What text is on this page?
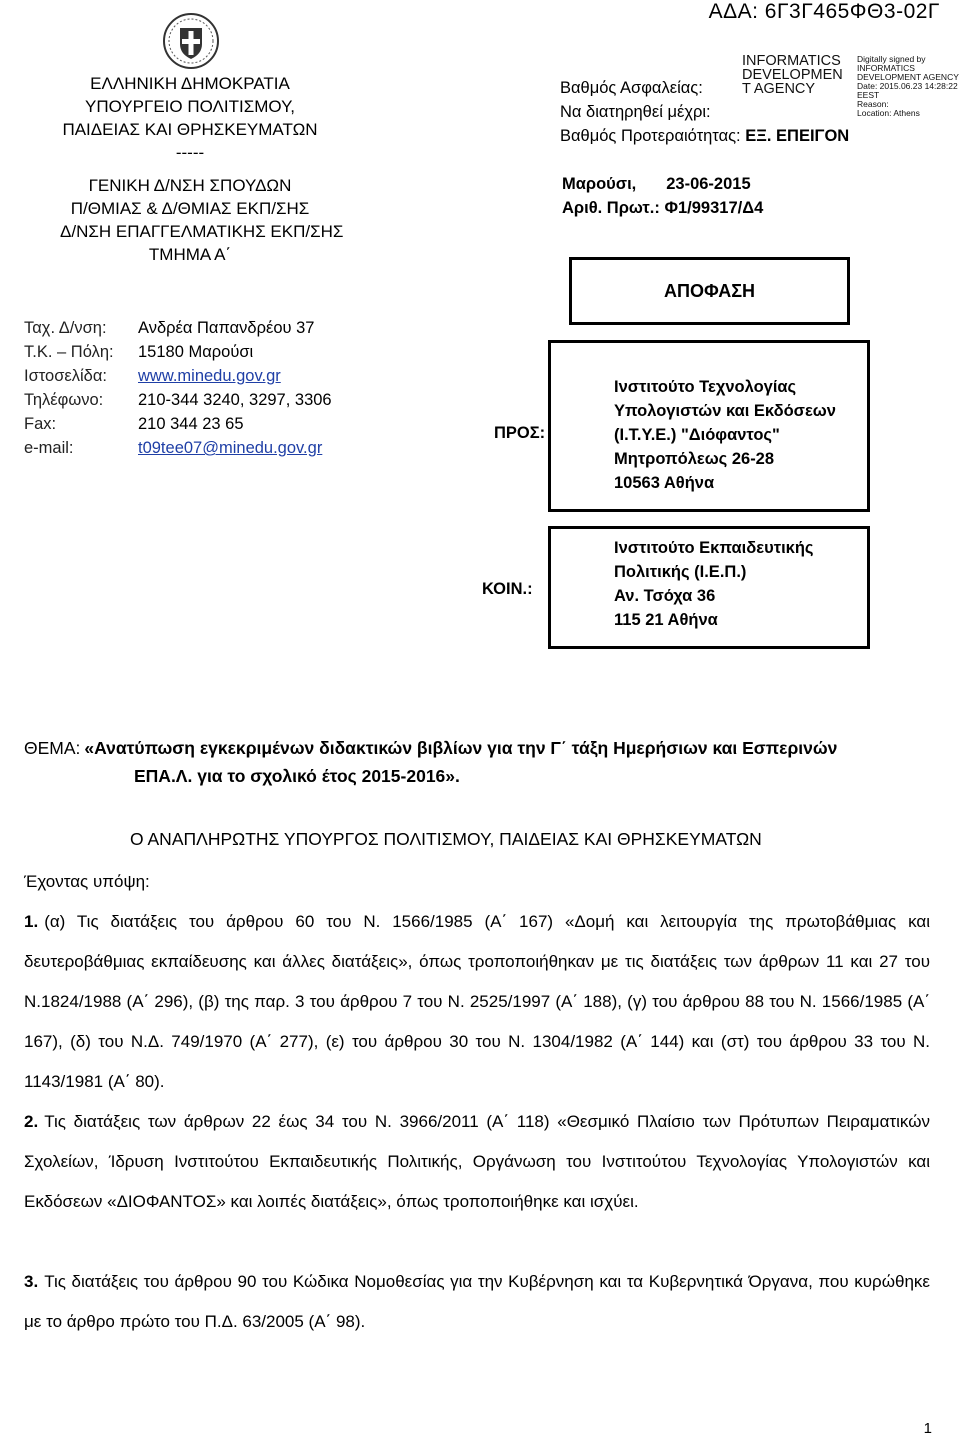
ΑΔΑ: 6Γ3Γ465ΦΘ3-02Γ
ΕΛΛΗΝΙΚΗ ΔΗΜΟΚΡΑΤΙΑ
ΥΠΟΥΡΓΕΙΟ ΠΟΛΙΤΙΣΜΟΥ,
ΠΑΙΔΕΙΑΣ ΚΑΙ ΘΡΗΣΚΕΥΜΑΤΩΝ
-----
ΓΕΝΙΚΗ Δ/ΝΣΗ ΣΠΟΥΔΩΝ
Π/ΘΜΙΑΣ & Δ/ΘΜΙΑΣ ΕΚΠ/ΣΗΣ
Δ/ΝΣΗ ΕΠΑΓΓΕΛΜΑΤΙΚΗΣ ΕΚΠ/ΣΗΣ
ΤΜΗΜΑ Α΄
Ταχ. Δ/νση:	Ανδρέα Παπανδρέου 37
Τ.Κ. – Πόλη:	15180 Μαρούσι
Ιστοσελίδα:	www.minedu.gov.gr
Τηλέφωνο:	210-344 3240, 3297, 3306
Fax:	210 344 23 65
e-mail:	t09tee07@minedu.gov.gr
INFORMATICS
DEVELOPMEN
T AGENCY
Digitally signed by
INFORMATICS
DEVELOPMENT AGENCY
Date: 2015.06.23 14:28:22
EEST
Reason:
Location: Athens
Βαθμός Ασφαλείας:
Να διατηρηθεί μέχρι:
Βαθμός Προτεραιότητας: ΕΞ. ΕΠΕΙΓΟΝ
Μαρούσι, 23-06-2015
Αριθ. Πρωτ.: Φ1/99317/Δ4
ΑΠΟΦΑΣΗ
ΠΡΟΣ:
Ινστιτούτο Τεχνολογίας
Υπολογιστών και Εκδόσεων
(Ι.Τ.Υ.Ε.) "Διόφαντος"
Μητροπόλεως 26-28
10563 Αθήνα
ΚΟΙΝ.:
Ινστιτούτο Εκπαιδευτικής
Πολιτικής (Ι.Ε.Π.)
Αν. Τσόχα 36
115 21 Αθήνα
ΘΕΜΑ: «Ανατύπωση εγκεκριμένων διδακτικών βιβλίων για την Γ΄ τάξη Ημερήσιων και Εσπερινών
ΕΠΑ.Λ. για το σχολικό έτος 2015-2016».
Ο ΑΝΑΠΛΗΡΩΤΗΣ ΥΠΟΥΡΓΟΣ ΠΟΛΙΤΙΣΜΟΥ, ΠΑΙΔΕΙΑΣ ΚΑΙ ΘΡΗΣΚΕΥΜΑΤΩΝ
Έχοντας υπόψη:
1. (α) Τις διατάξεις του άρθρου 60 του Ν. 1566/1985 (Α΄ 167) «Δομή και λειτουργία της πρωτοβάθμιας και δευτεροβάθμιας εκπαίδευσης και άλλες διατάξεις», όπως τροποποιήθηκαν με τις διατάξεις των άρθρων 11 και 27 του Ν.1824/1988 (Α΄ 296), (β) της παρ. 3 του άρθρου 7 του Ν. 2525/1997 (Α΄ 188), (γ) του άρθρου 88 του Ν. 1566/1985 (Α΄ 167), (δ) του Ν.Δ. 749/1970 (Α΄ 277), (ε) του άρθρου 30 του Ν. 1304/1982 (Α΄ 144) και (στ) του άρθρου 33 του Ν. 1143/1981 (Α΄ 80).
2. Τις διατάξεις των άρθρων 22 έως 34 του Ν. 3966/2011 (Α΄ 118) «Θεσμικό Πλαίσιο των Πρότυπων Πειραματικών Σχολείων, Ίδρυση Ινστιτούτου Εκπαιδευτικής Πολιτικής, Οργάνωση του Ινστιτούτου Τεχνολογίας Υπολογιστών και Εκδόσεων «ΔΙΟΦΑΝΤΟΣ» και λοιπές διατάξεις», όπως τροποποιήθηκε και ισχύει.
3. Τις διατάξεις του άρθρου 90 του Κώδικα Νομοθεσίας για την Κυβέρνηση και τα Κυβερνητικά Όργανα, που κυρώθηκε με το άρθρο πρώτο του Π.Δ. 63/2005 (Α΄ 98).
1
